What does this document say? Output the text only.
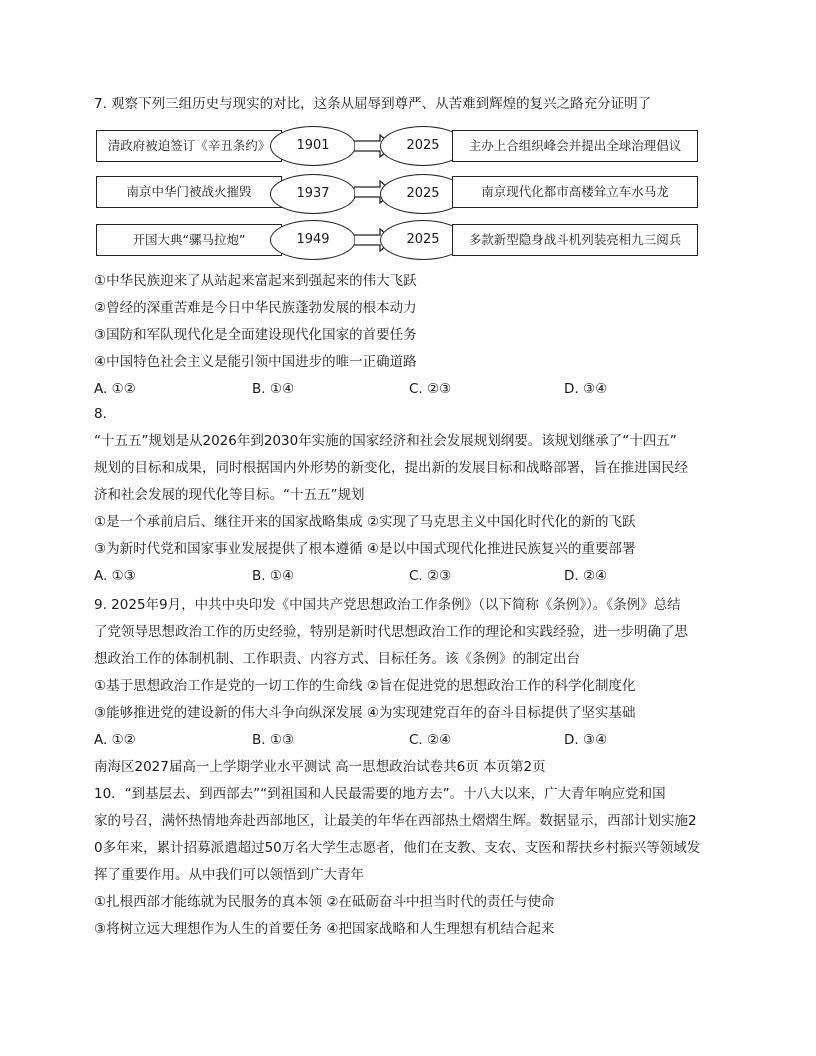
7. 观察下列三组历史与现实的对比，这条从屈辱到尊严、从苦难到辉煌的复兴之路充分证明了
清政府被迫签订《辛丑条约》	1901	2025	主办上合组织峰会并提出全球治理倡议
南京中华门被战火摧毁	1937	2025	南京现代化都市高楼耸立车水马龙
开国大典“骡马拉炮”	1949	2025	多款新型隐身战斗机列装亮相九三阅兵
①中华民族迎来了从站起来富起来到强起来的伟大飞跃
②曾经的深重苦难是今日中华民族蓬勃发展的根本动力
③国防和军队现代化是全面建设现代化国家的首要任务
④中国特色社会主义是能引领中国进步的唯一正确道路
A. ①②	B. ①④	C. ②③	D. ③④
8.
“十五五”规划是从2026年到2030年实施的国家经济和社会发展规划纲要。该规划继承了“十四五”
规划的目标和成果，同时根据国内外形势的新变化，提出新的发展目标和战略部署，旨在推进国民经
济和社会发展的现代化等目标。“十五五”规划
①是一个承前启后、继往开来的国家战略集成 ②实现了马克思主义中国化时代化的新的飞跃
③为新时代党和国家事业发展提供了根本遵循 ④是以中国式现代化推进民族复兴的重要部署
A. ①③	B. ①④	C. ②③	D. ②④
9. 2025年9月，中共中央印发《中国共产党思想政治工作条例》（以下简称《条例》）。《条例》总结
了党领导思想政治工作的历史经验，特别是新时代思想政治工作的理论和实践经验，进一步明确了思
想政治工作的体制机制、工作职责、内容方式、目标任务。该《条例》的制定出台
①基于思想政治工作是党的一切工作的生命线 ②旨在促进党的思想政治工作的科学化制度化
③能够推进党的建设新的伟大斗争向纵深发展 ④为实现建党百年的奋斗目标提供了坚实基础
A. ①②	B. ①③	C. ②④	D. ③④
南海区2027届高一上学期学业水平测试 高一思想政治试卷共6页 本页第2页
10．“到基层去、到西部去”“到祖国和人民最需要的地方去”。十八大以来，广大青年响应党和国
家的号召，满怀热情地奔赴西部地区，让最美的年华在西部热土熠熠生辉。数据显示，西部计划实施2
0多年来，累计招募派遣超过50万名大学生志愿者，他们在支教、支农、支医和帮扶乡村振兴等领域发
挥了重要作用。从中我们可以领悟到广大青年
①扎根西部才能练就为民服务的真本领 ②在砥砺奋斗中担当时代的责任与使命
③将树立远大理想作为人生的首要任务 ④把国家战略和人生理想有机结合起来
